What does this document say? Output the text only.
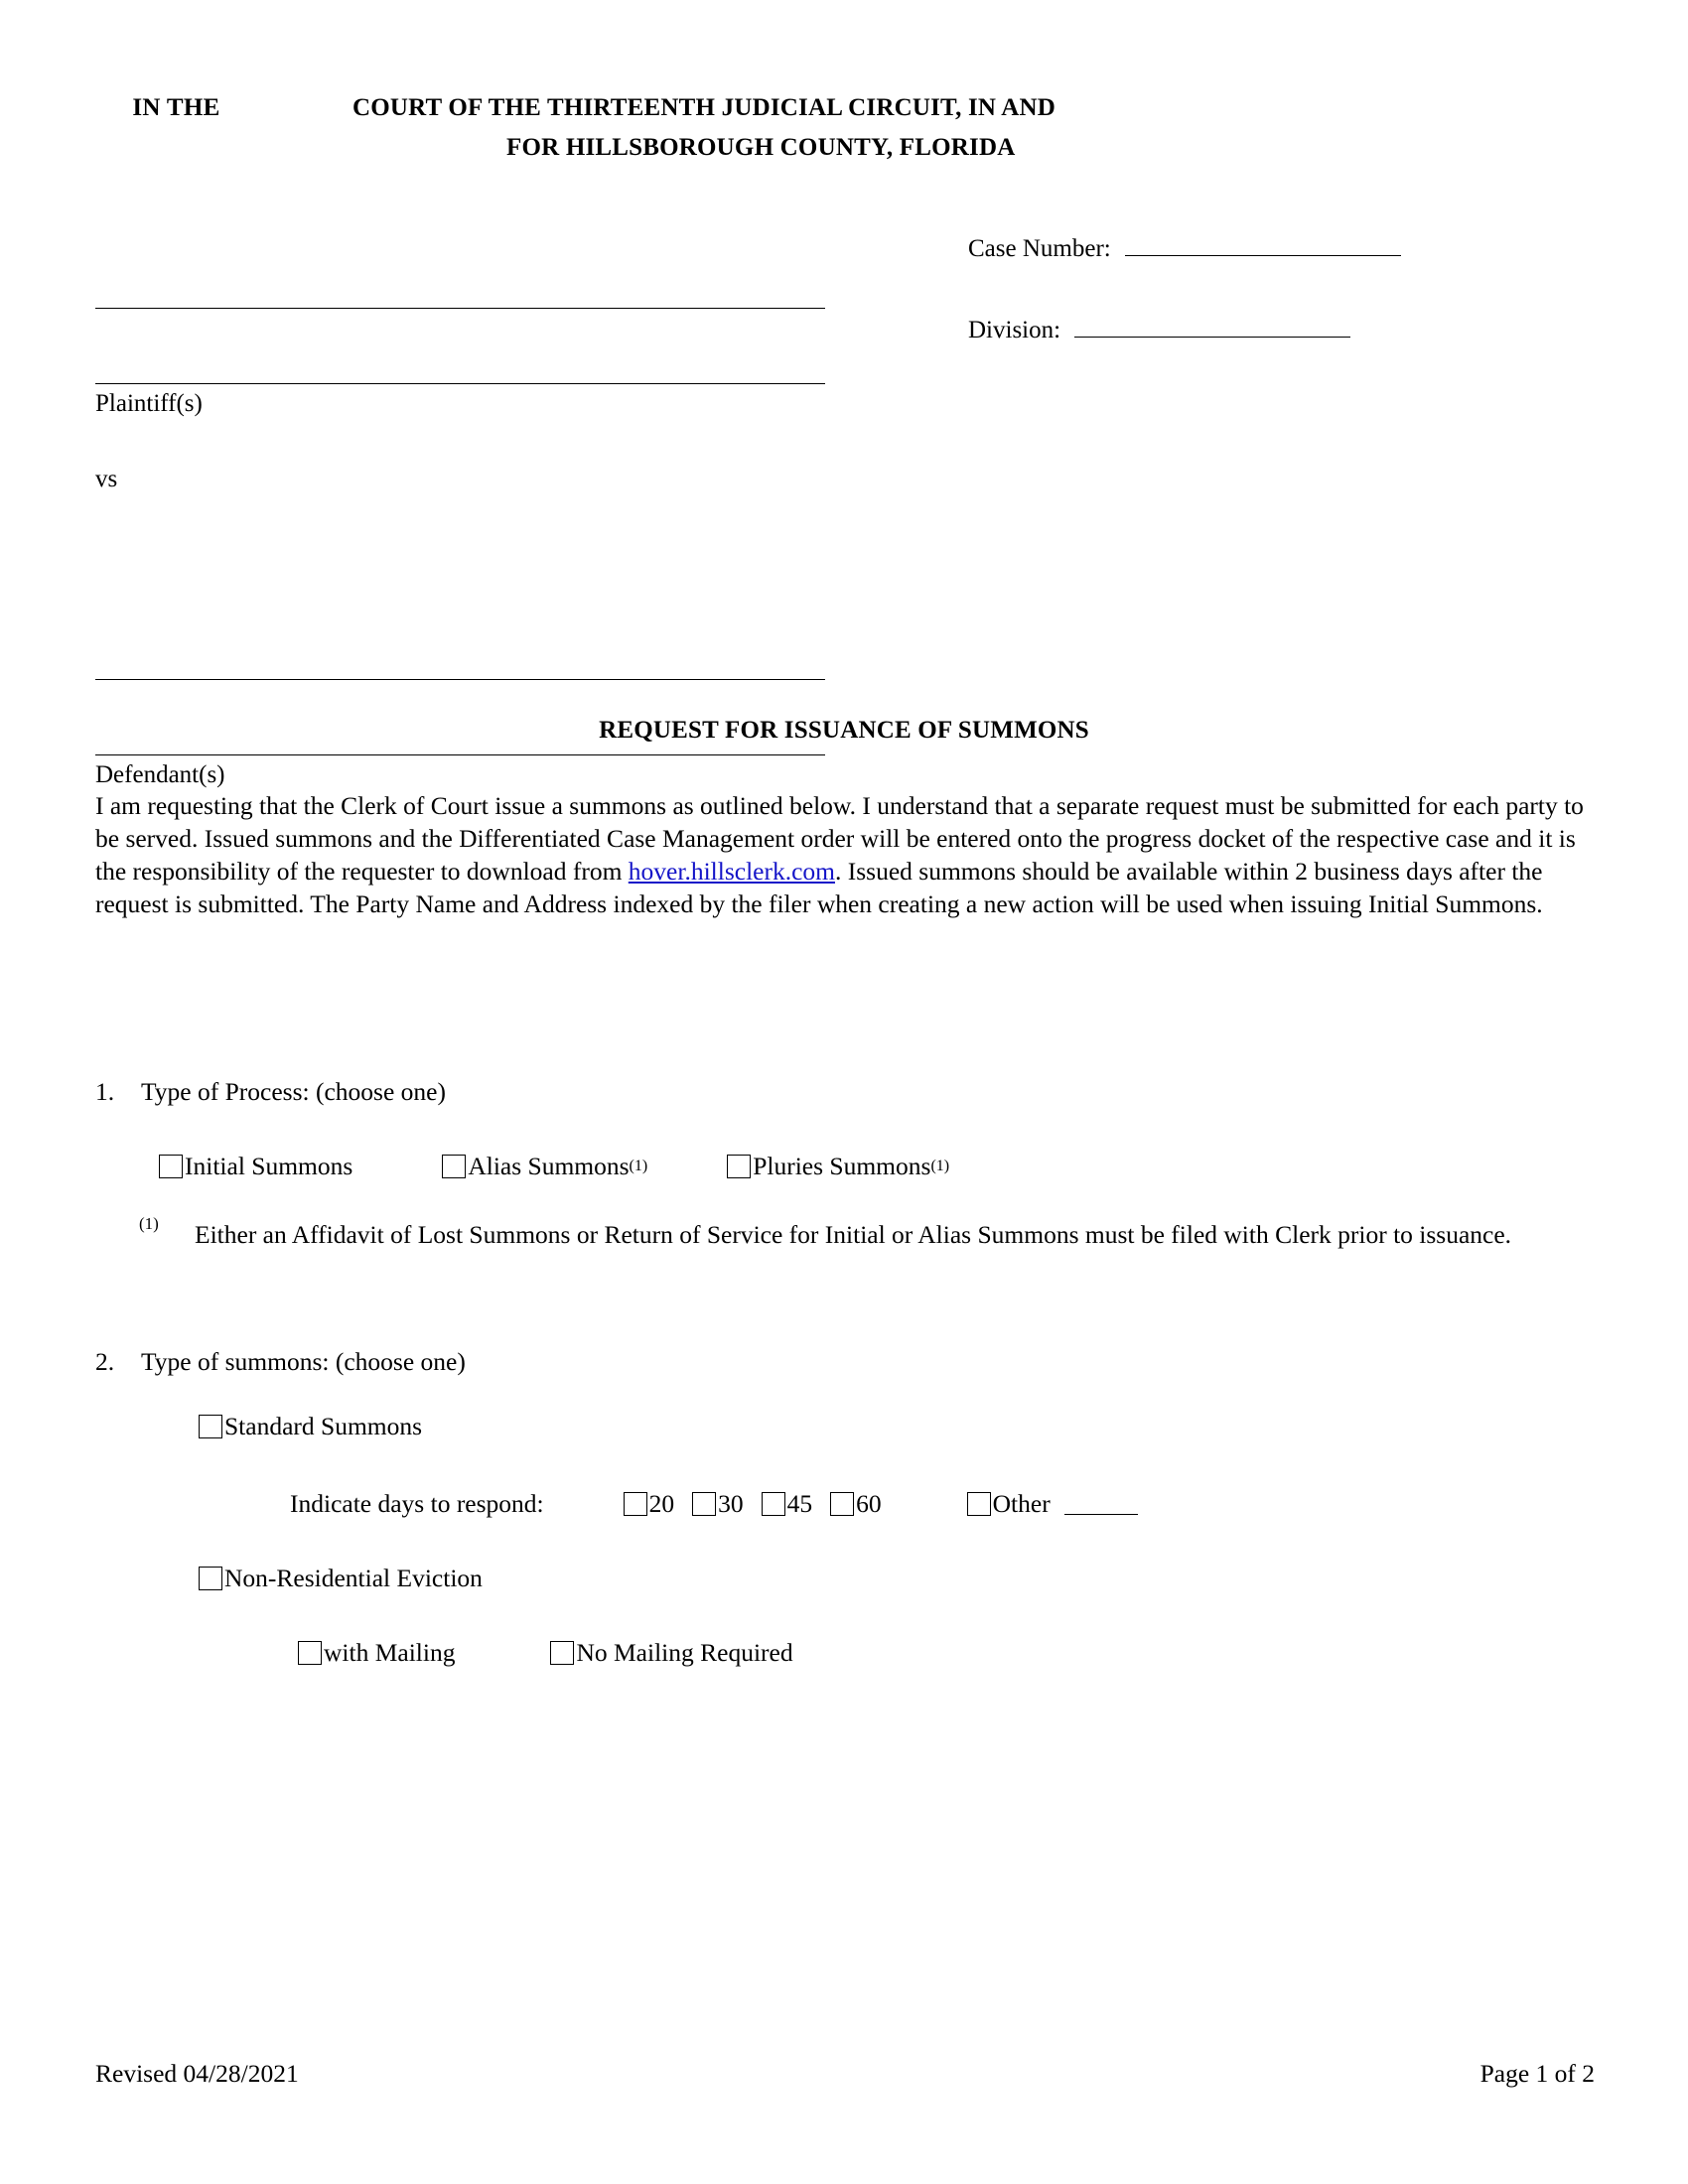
IN THE	COURT OF THE THIRTEENTH JUDICIAL CIRCUIT, IN AND
FOR HILLSBOROUGH COUNTY, FLORIDA
Plaintiff(s)
vs
Defendant(s)
Case Number:
Division:
REQUEST FOR ISSUANCE OF SUMMONS
I am requesting that the Clerk of Court issue a summons as outlined below. I understand that a separate request must be submitted for each party to be served. Issued summons and the Differentiated Case Management order will be entered onto the progress docket of the respective case and it is the responsibility of the requester to download from hover.hillsclerk.com. Issued summons should be available within 2 business days after the request is submitted. The Party Name and Address indexed by the filer when creating a new action will be used when issuing Initial Summons.
1. Type of Process: (choose one)
Initial Summons	Alias Summons (1)	Pluries Summons (1)
(1) Either an Affidavit of Lost Summons or Return of Service for Initial or Alias Summons must be filed with Clerk prior to issuance.
2. Type of summons: (choose one)
Standard Summons
Indicate days to respond:	20 30 45 60	Other
Non-Residential Eviction
with Mailing	No Mailing Required
Revised 04/28/2021	Page 1 of 2
